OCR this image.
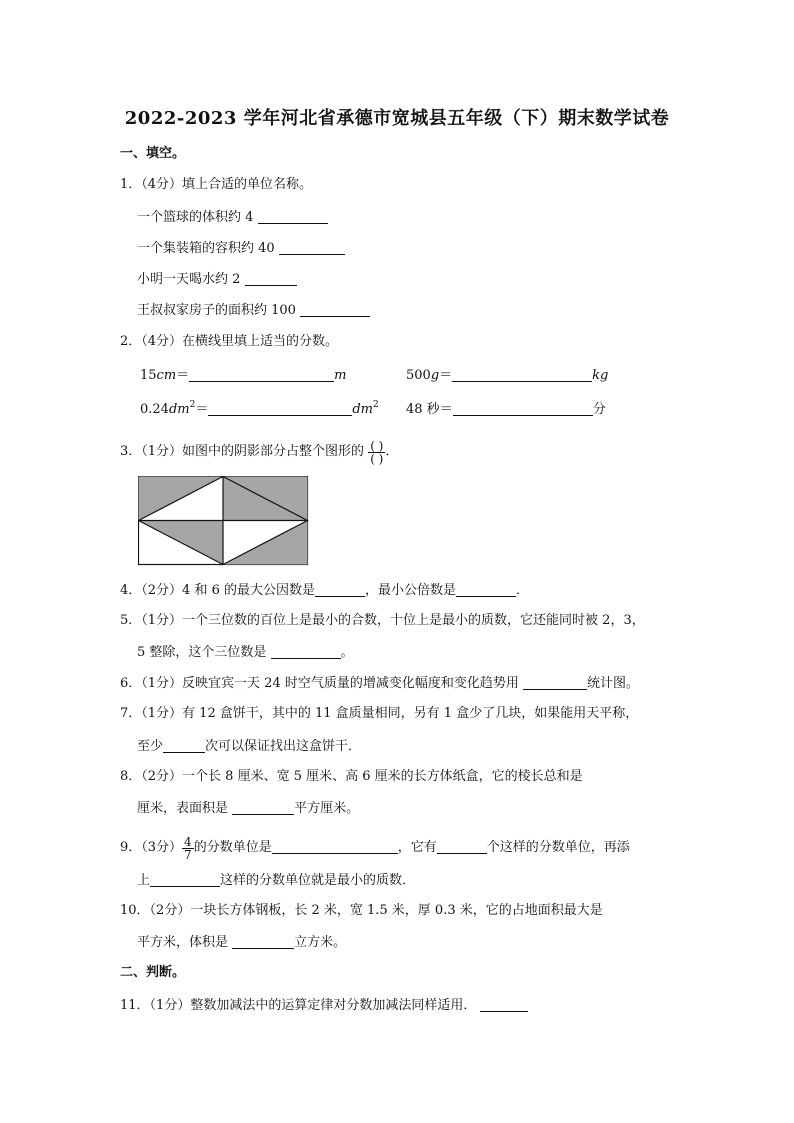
2022-2023 学年河北省承德市宽城县五年级（下）期末数学试卷
一、填空。
1．（4分）填上合适的单位名称。
一个篮球的体积约 4
一个集装箱的容积约 40
小明一天喝水约 2
王叔叔家房子的面积约 100
2．（4分）在横线里填上适当的分数。
15cm＝	m	500g＝	kg
$0.24dm^2=$	$dm^2$ 48 秒＝	分
3．（1分）如图中的阴影部分占整个图形的 $\frac{( )}{( )}$ ．
4．（2分）4 和 6 的最大公因数是	，最小公倍数是	．
5．（1分）一个三位数的百位上是最小的合数，十位上是最小的质数，它还能同时被 2，3，
5 整除，这个三位数是	。
6．（1分）反映宜宾一天 24 时空气质量的增减变化幅度和变化趋势用	统计图。
7．（1分）有 12 盒饼干，其中的 11 盒质量相同，另有 1 盒少了几块，如果能用天平称，
至少	次可以保证找出这盒饼干．
8．（2分）一个长 8 厘米、宽 5 厘米、高 6 厘米的长方体纸盒，它的棱长总和是
厘米，表面积是	平方厘米。
9．（3分） $\frac{4}{7}$ 的分数单位是	，它有	个这样的分数单位，再添
上	这样的分数单位就是最小的质数．
10．（2分）一块长方体钢板，长 2 米，宽 1.5 米，厚 0.3 米，它的占地面积最大是
平方米，体积是	立方米。
二、判断。
11．（1分）整数加减法中的运算定律对分数加减法同样适用．
